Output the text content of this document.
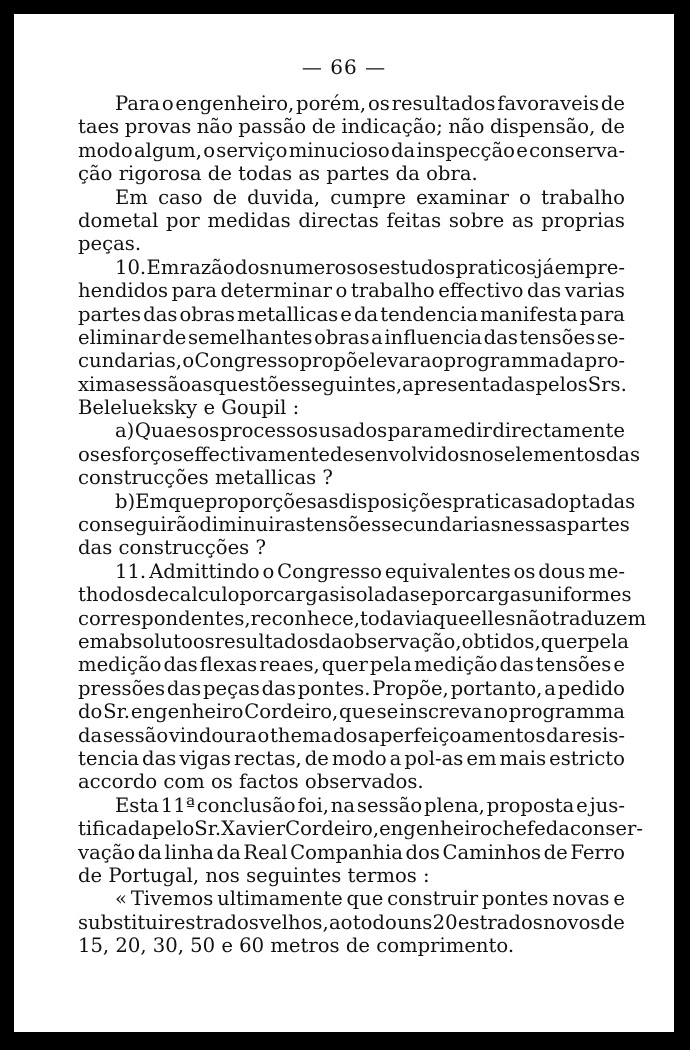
— 66 —
Para o engenheiro, porém, os resultados favoraveis de
taes provas não passão de indicação; não dispensão, de
modo algum, o serviço minucioso da inspecção e conserva-
ção rigorosa de todas as partes da obra.
Em caso de duvida, cumpre examinar o trabalho
dometal por medidas directas feitas sobre as proprias
peças.
10. Em razão dos numerosos estudos praticos já empre-
hendidos para determinar o trabalho effectivo das varias
partes das obras metallicas e da tendencia manifesta para
eliminar de semelhantes obras a influencia das tensões se-
cundarias, o Congresso propõe levar ao programma da pro-
xima sessão as questões seguintes, apresentadas pelos Srs.
Belelueksky e Goupil :
a) Quaes os processos usados para medir directamente
os esforços effectivamente desenvolvidos nos elementos das
construcções metallicas ?
b) Em que proporções as disposições praticas adoptadas
conseguirão diminuir as tensões secundarias nessas partes
das construcções ?
11. Admittindo o Congresso equivalentes os dous me-
thodos de calculo por cargas isoladas e por cargas uniformes
correspondentes, reconhece, todavia que elles não traduzem
em absoluto os resultados da observação, obtidos, quer pela
medição das flexas reaes, quer pela medição das tensões e
pressões das peças das pontes. Propõe, portanto, a pedido
do Sr. engenheiro Cordeiro, que se inscreva no programma
da sessão vindoura o thema dos aperfeiçoamentos da resis-
tencia das vigas rectas, de modo a pol-as em mais estricto
accordo com os factos observados.
Esta 11ª conclusão foi, na sessão plena, proposta e jus-
tificada pelo Sr. Xavier Cordeiro, engenheiro chefe da conser-
vação da linha da Real Companhia dos Caminhos de Ferro
de Portugal, nos seguintes termos :
« Tivemos ultimamente que construir pontes novas e
substituir estrados velhos, ao todo uns 20 estrados novos de
15, 20, 30, 50 e 60 metros de comprimento.
